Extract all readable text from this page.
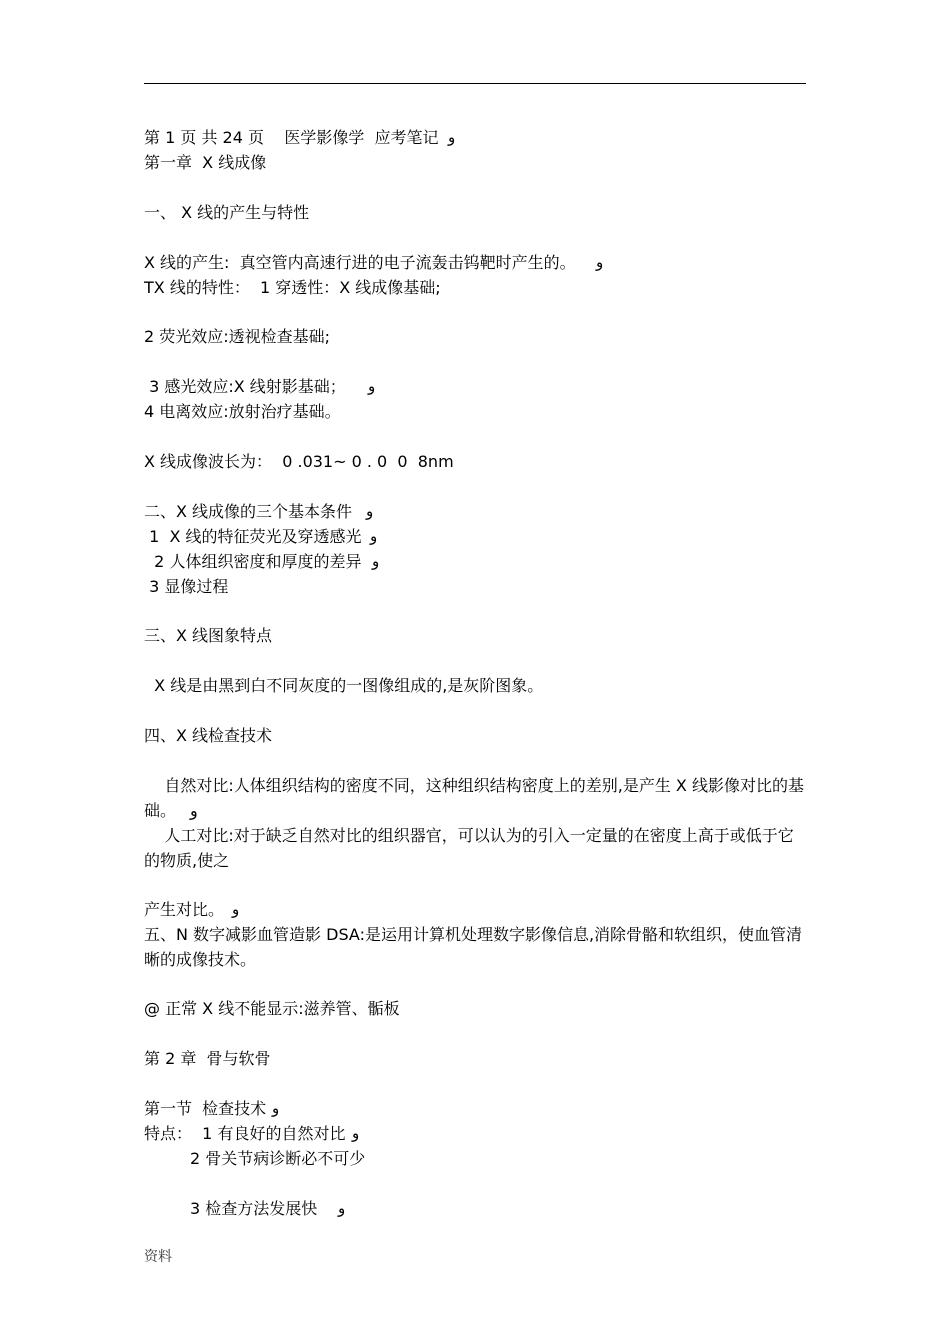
第 1 页 共 24 页    医学影像学  应考笔记 و
第一章  X 线成像
一、 X 线的产生与特性
X 线的产生:  真空管内高速行进的电子流轰击钨靶时产生的。	و
TX 线的特性：  1 穿透性：X 线成像基础;
2 荧光效应:透视检查基础;
3 感光效应:X 线射影基础；	و
4 电离效应:放射治疗基础。
X 线成像波长为：  0 .031~ 0 . 0  0  8nm
二、X 线成像的三个基本条件 و
1  X 线的特征荧光及穿透感光 و
2 人体组织密度和厚度的差异 و
3 显像过程
三、X 线图象特点
X 线是由黑到白不同灰度的一图像组成的,是灰阶图象。
四、X 线检查技术
自然对比:人体组织结构的密度不同，这种组织结构密度上的差别,是产生 X 线影像对比的基础。 و
人工对比:对于缺乏自然对比的组织器官，可以认为的引入一定量的在密度上高于或低于它的物质,使之
产生对比。 و
五、N 数字减影血管造影 DSA:是运用计算机处理数字影像信息,消除骨骼和软组织，使血管清晰的成像技术。
@ 正常 X 线不能显示:滋养管、骺板
第 2 章  骨与软骨
第一节  检查技术 و
特点：  1 有良好的自然对比 و
2 骨关节病诊断必不可少
3 检查方法发展快	و
资料
